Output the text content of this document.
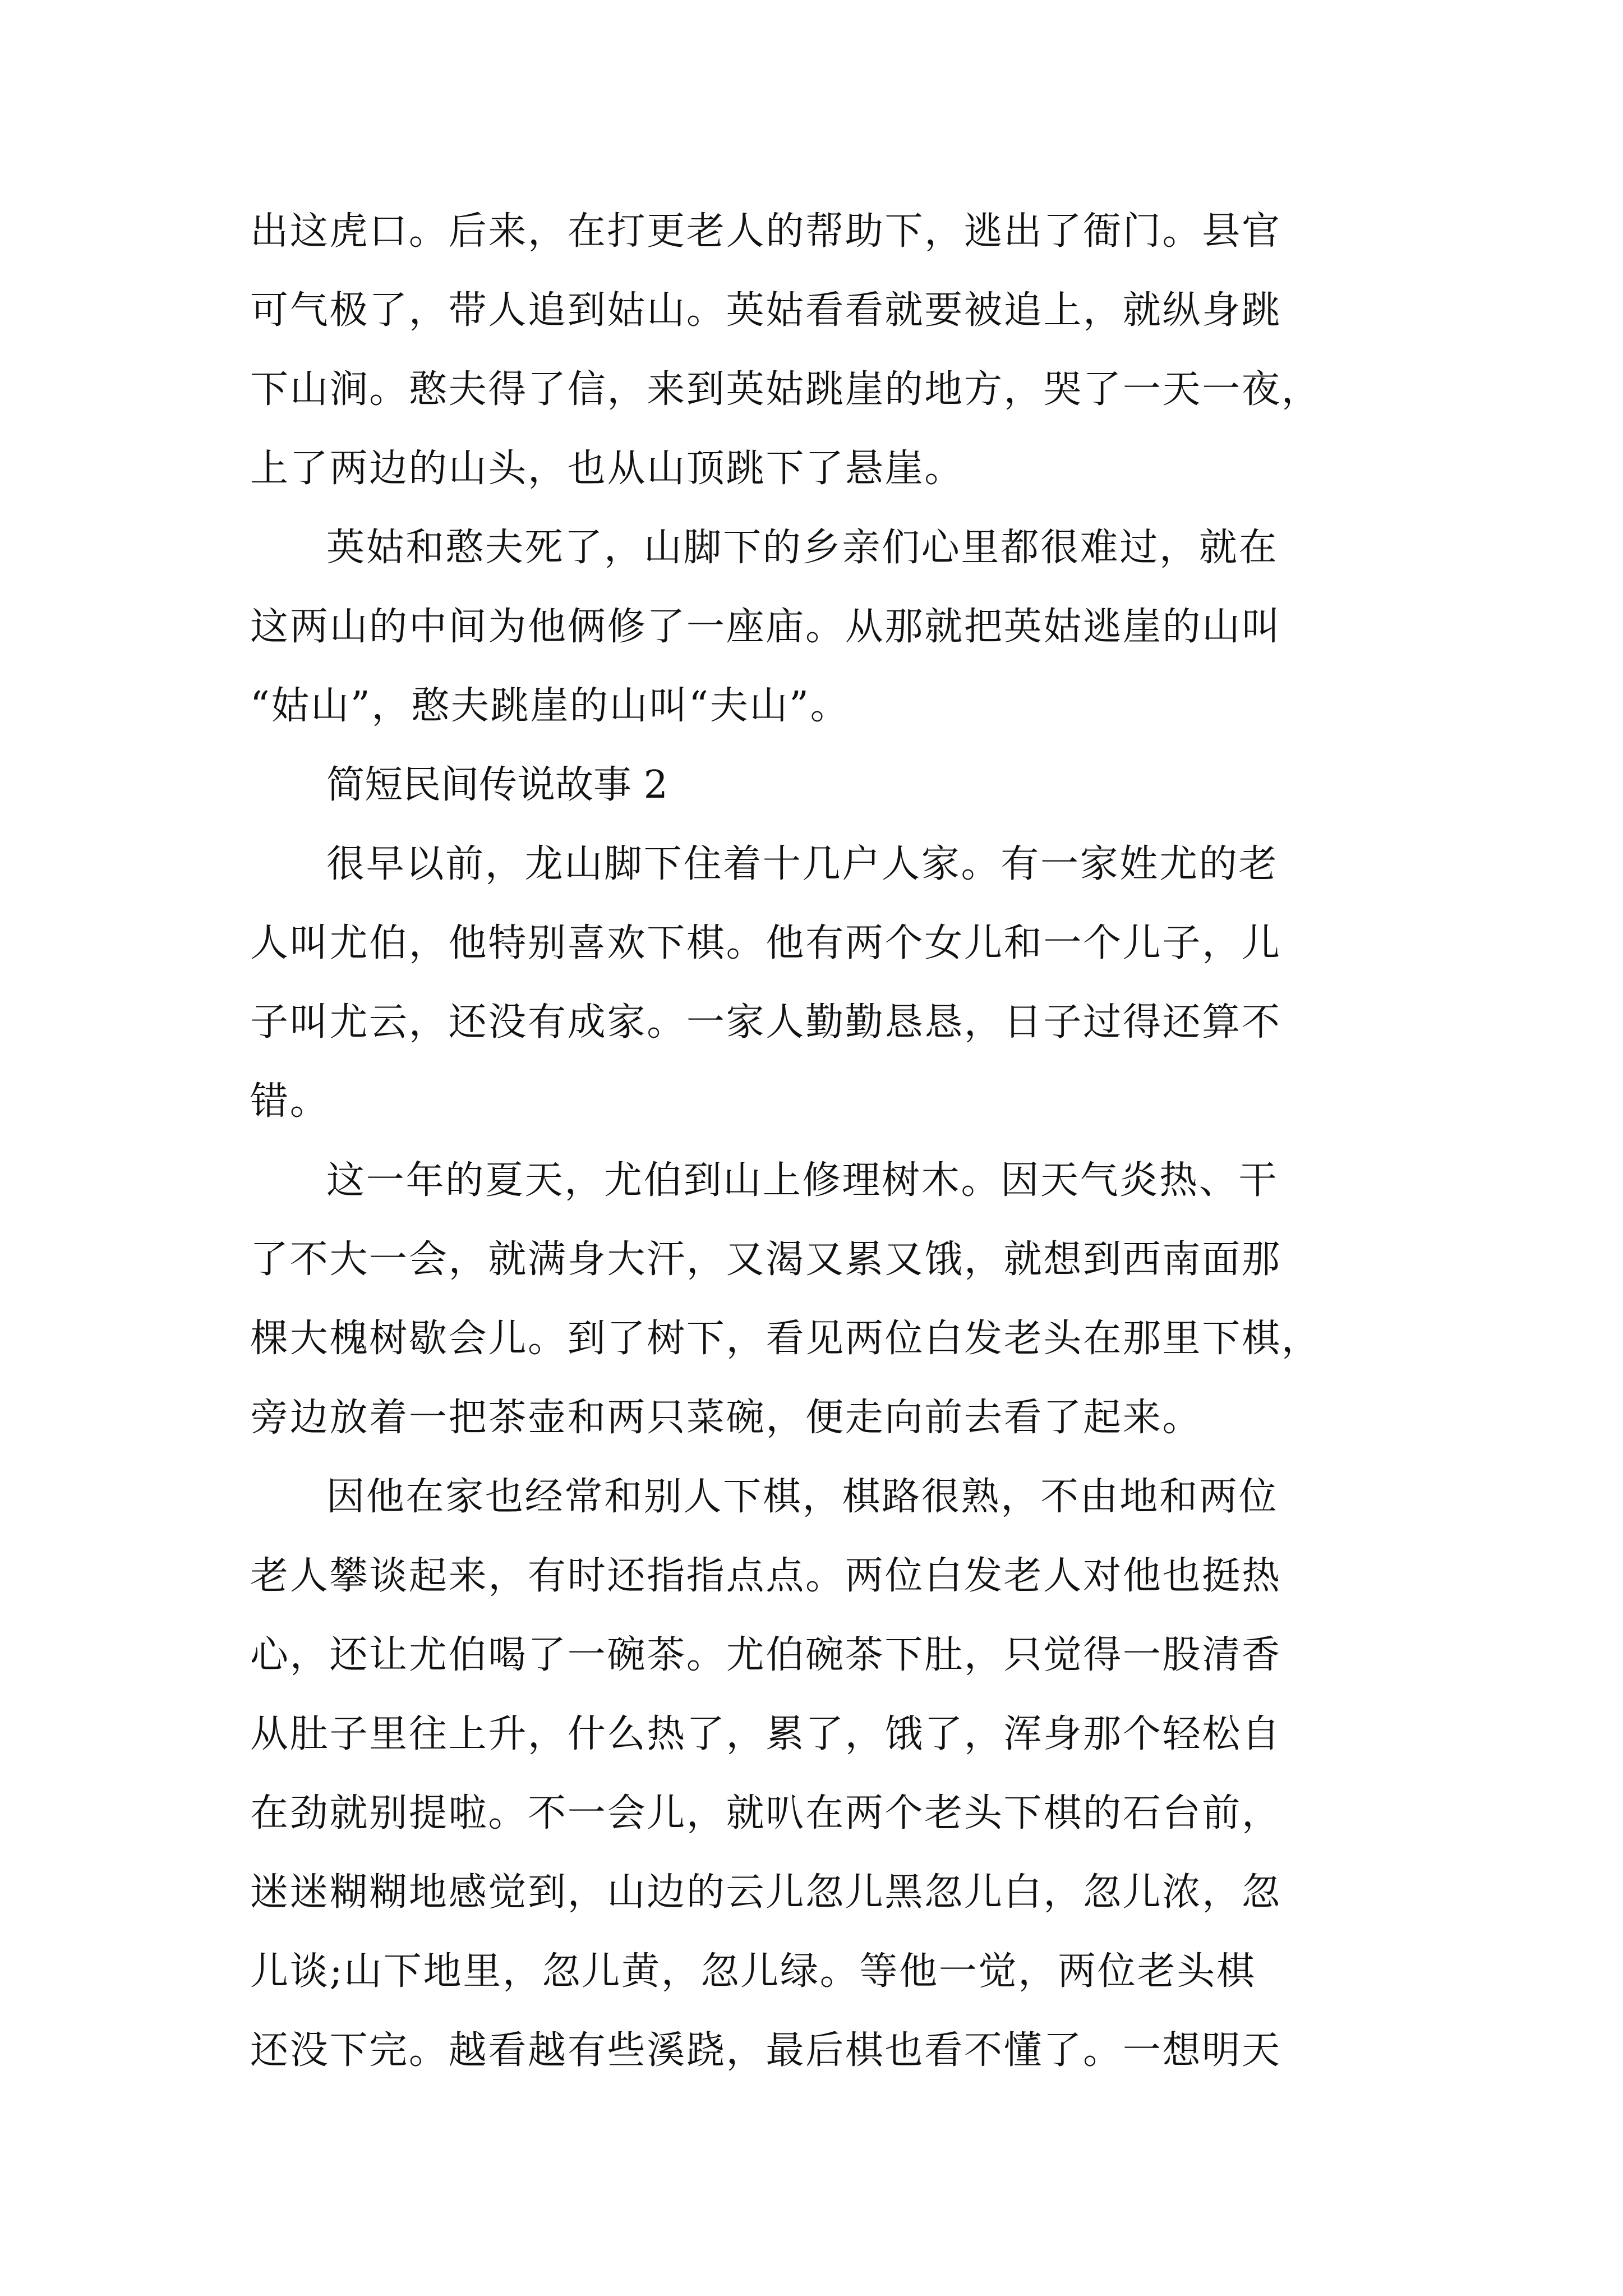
出这虎口。后来，在打更老人的帮助下，逃出了衙门。县官
可气极了，带人追到姑山。英姑看看就要被追上，就纵身跳
下山涧。憨夫得了信，来到英姑跳崖的地方，哭了一天一夜，
上了两边的山头，也从山顶跳下了悬崖。

英姑和憨夫死了，山脚下的乡亲们心里都很难过，就在
这两山的中间为他俩修了一座庙。从那就把英姑逃崖的山叫
“姑山”，憨夫跳崖的山叫“夫山”。

简短民间传说故事 2

很早以前，龙山脚下住着十几户人家。有一家姓尤的老
人叫尤伯，他特别喜欢下棋。他有两个女儿和一个儿子，儿
子叫尤云，还没有成家。一家人勤勤恳恳，日子过得还算不
错。

这一年的夏天，尤伯到山上修理树木。因天气炎热、干
了不大一会，就满身大汗，又渴又累又饿，就想到西南面那
棵大槐树歇会儿。到了树下，看见两位白发老头在那里下棋，
旁边放着一把茶壶和两只菜碗，便走向前去看了起来。

因他在家也经常和别人下棋，棋路很熟，不由地和两位
老人攀谈起来，有时还指指点点。两位白发老人对他也挺热
心，还让尤伯喝了一碗茶。尤伯碗茶下肚，只觉得一股清香
从肚子里往上升，什么热了，累了，饿了，浑身那个轻松自
在劲就别提啦。不一会儿，就叭在两个老头下棋的石台前，
迷迷糊糊地感觉到，山边的云儿忽儿黑忽儿白，忽儿浓，忽
儿谈;山下地里，忽儿黄，忽儿绿。等他一觉，两位老头棋
还没下完。越看越有些溪跷，最后棋也看不懂了。一想明天
